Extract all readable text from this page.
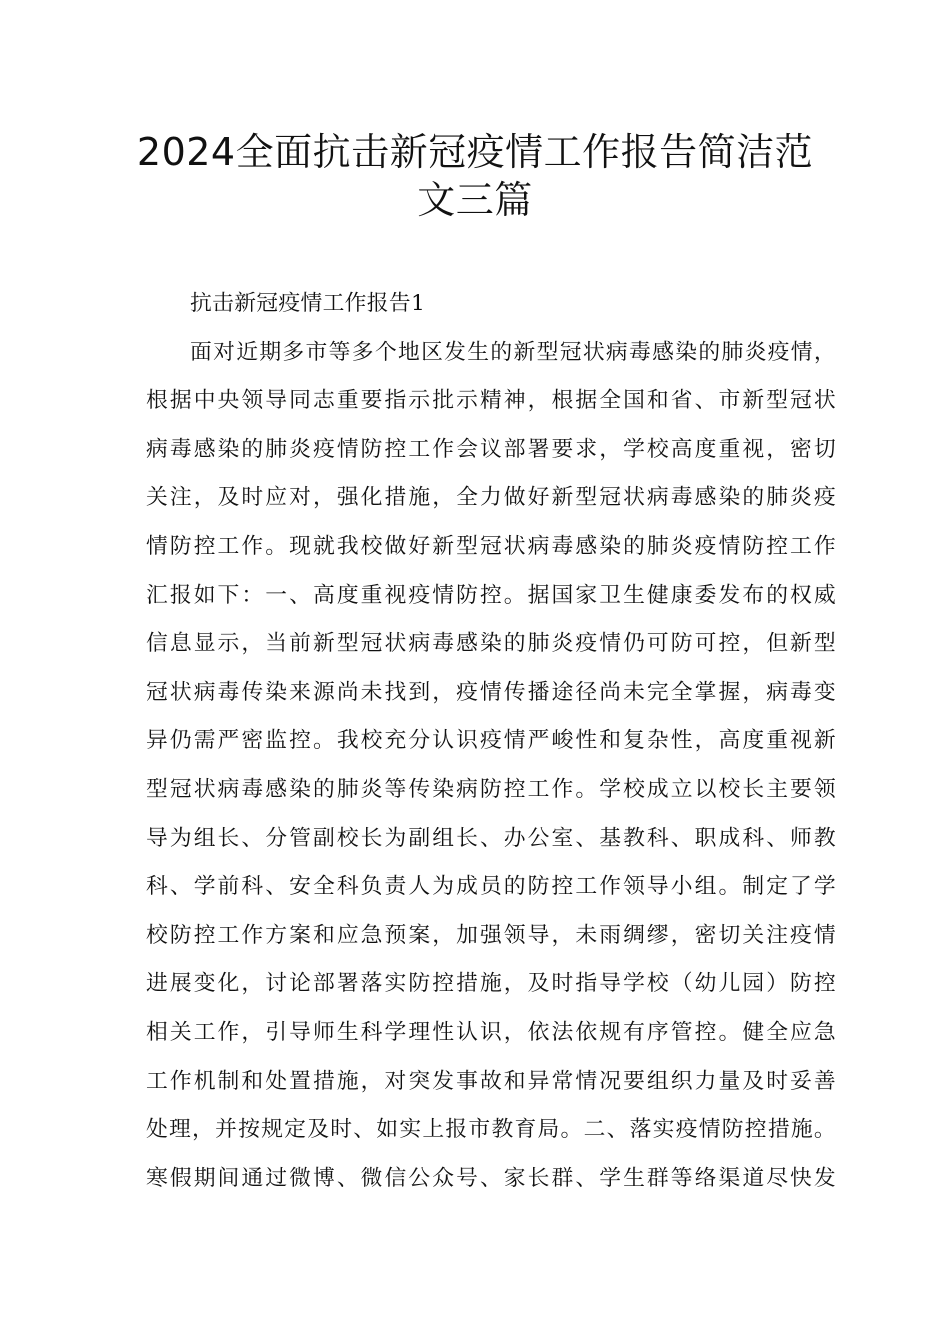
2024全面抗击新冠疫情工作报告简洁范
文三篇

抗击新冠疫情工作报告1

面对近期多市等多个地区发生的新型冠状病毒感染的肺炎疫情，
根据中央领导同志重要指示批示精神，根据全国和省、市新型冠状
病毒感染的肺炎疫情防控工作会议部署要求，学校高度重视，密切
关注，及时应对，强化措施，全力做好新型冠状病毒感染的肺炎疫
情防控工作。现就我校做好新型冠状病毒感染的肺炎疫情防控工作
汇报如下：一、高度重视疫情防控。据国家卫生健康委发布的权威
信息显示，当前新型冠状病毒感染的肺炎疫情仍可防可控，但新型
冠状病毒传染来源尚未找到，疫情传播途径尚未完全掌握，病毒变
异仍需严密监控。我校充分认识疫情严峻性和复杂性，高度重视新
型冠状病毒感染的肺炎等传染病防控工作。学校成立以校长主要领
导为组长、分管副校长为副组长、办公室、基教科、职成科、师教
科、学前科、安全科负责人为成员的防控工作领导小组。制定了学
校防控工作方案和应急预案，加强领导，未雨绸缪，密切关注疫情
进展变化，讨论部署落实防控措施，及时指导学校（幼儿园）防控
相关工作，引导师生科学理性认识，依法依规有序管控。健全应急
工作机制和处置措施，对突发事故和异常情况要组织力量及时妥善
处理，并按规定及时、如实上报市教育局。二、落实疫情防控措施。
寒假期间通过微博、微信公众号、家长群、学生群等络渠道尽快发
